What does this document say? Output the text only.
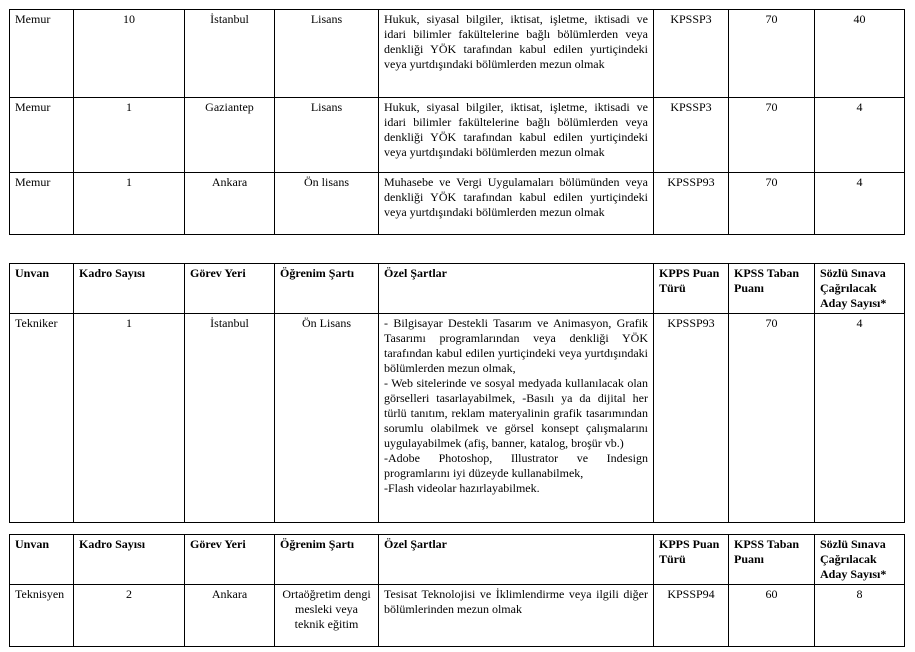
Memur	10	İstanbul	Lisans	Hukuk, siyasal bilgiler, iktisat, işletme, iktisadi ve idari bilimler fakültelerine bağlı bölümlerden veya denkliği YÖK tarafından kabul edilen yurtiçindeki veya yurtdışındaki bölümlerden mezun olmak	KPSSP3	70	40
Memur	1	Gaziantep	Lisans	Hukuk, siyasal bilgiler, iktisat, işletme, iktisadi ve idari bilimler fakültelerine bağlı bölümlerden veya denkliği YÖK tarafından kabul edilen yurtiçindeki veya yurtdışındaki bölümlerden mezun olmak	KPSSP3	70	4
Memur	1	Ankara	Ön lisans	Muhasebe ve Vergi Uygulamaları bölümünden veya denkliği YÖK tarafından kabul edilen yurtiçindeki veya yurtdışındaki bölümlerden mezun olmak	KPSSP93	70	4
Unvan	Kadro Sayısı	Görev Yeri	Öğrenim Şartı	Özel Şartlar	KPPS Puan Türü	KPSS Taban Puanı	Sözlü Sınava Çağrılacak Aday Sayısı*
Tekniker	1	İstanbul	Ön Lisans	- Bilgisayar Destekli Tasarım ve Animasyon, Grafik Tasarımı programlarından veya denkliği YÖK tarafından kabul edilen yurtiçindeki veya yurtdışındaki bölümlerden mezun olmak,
- Web sitelerinde ve sosyal medyada kullanılacak olan görselleri tasarlayabilmek, -Basılı ya da dijital her türlü tanıtım, reklam materyalinin grafik tasarımından sorumlu olabilmek ve görsel konsept çalışmalarını uygulayabilmek (afiş, banner, katalog, broşür vb.)
-Adobe Photoshop, Illustrator ve Indesign programlarını iyi düzeyde kullanabilmek,
-Flash videolar hazırlayabilmek.	KPSSP93	70	4
Unvan	Kadro Sayısı	Görev Yeri	Öğrenim Şartı	Özel Şartlar	KPPS Puan Türü	KPSS Taban Puanı	Sözlü Sınava Çağrılacak Aday Sayısı*
Teknisyen	2	Ankara	Ortaöğretim dengi mesleki veya teknik eğitim	Tesisat Teknolojisi ve İklimlendirme veya ilgili diğer bölümlerinden mezun olmak	KPSSP94	60	8
